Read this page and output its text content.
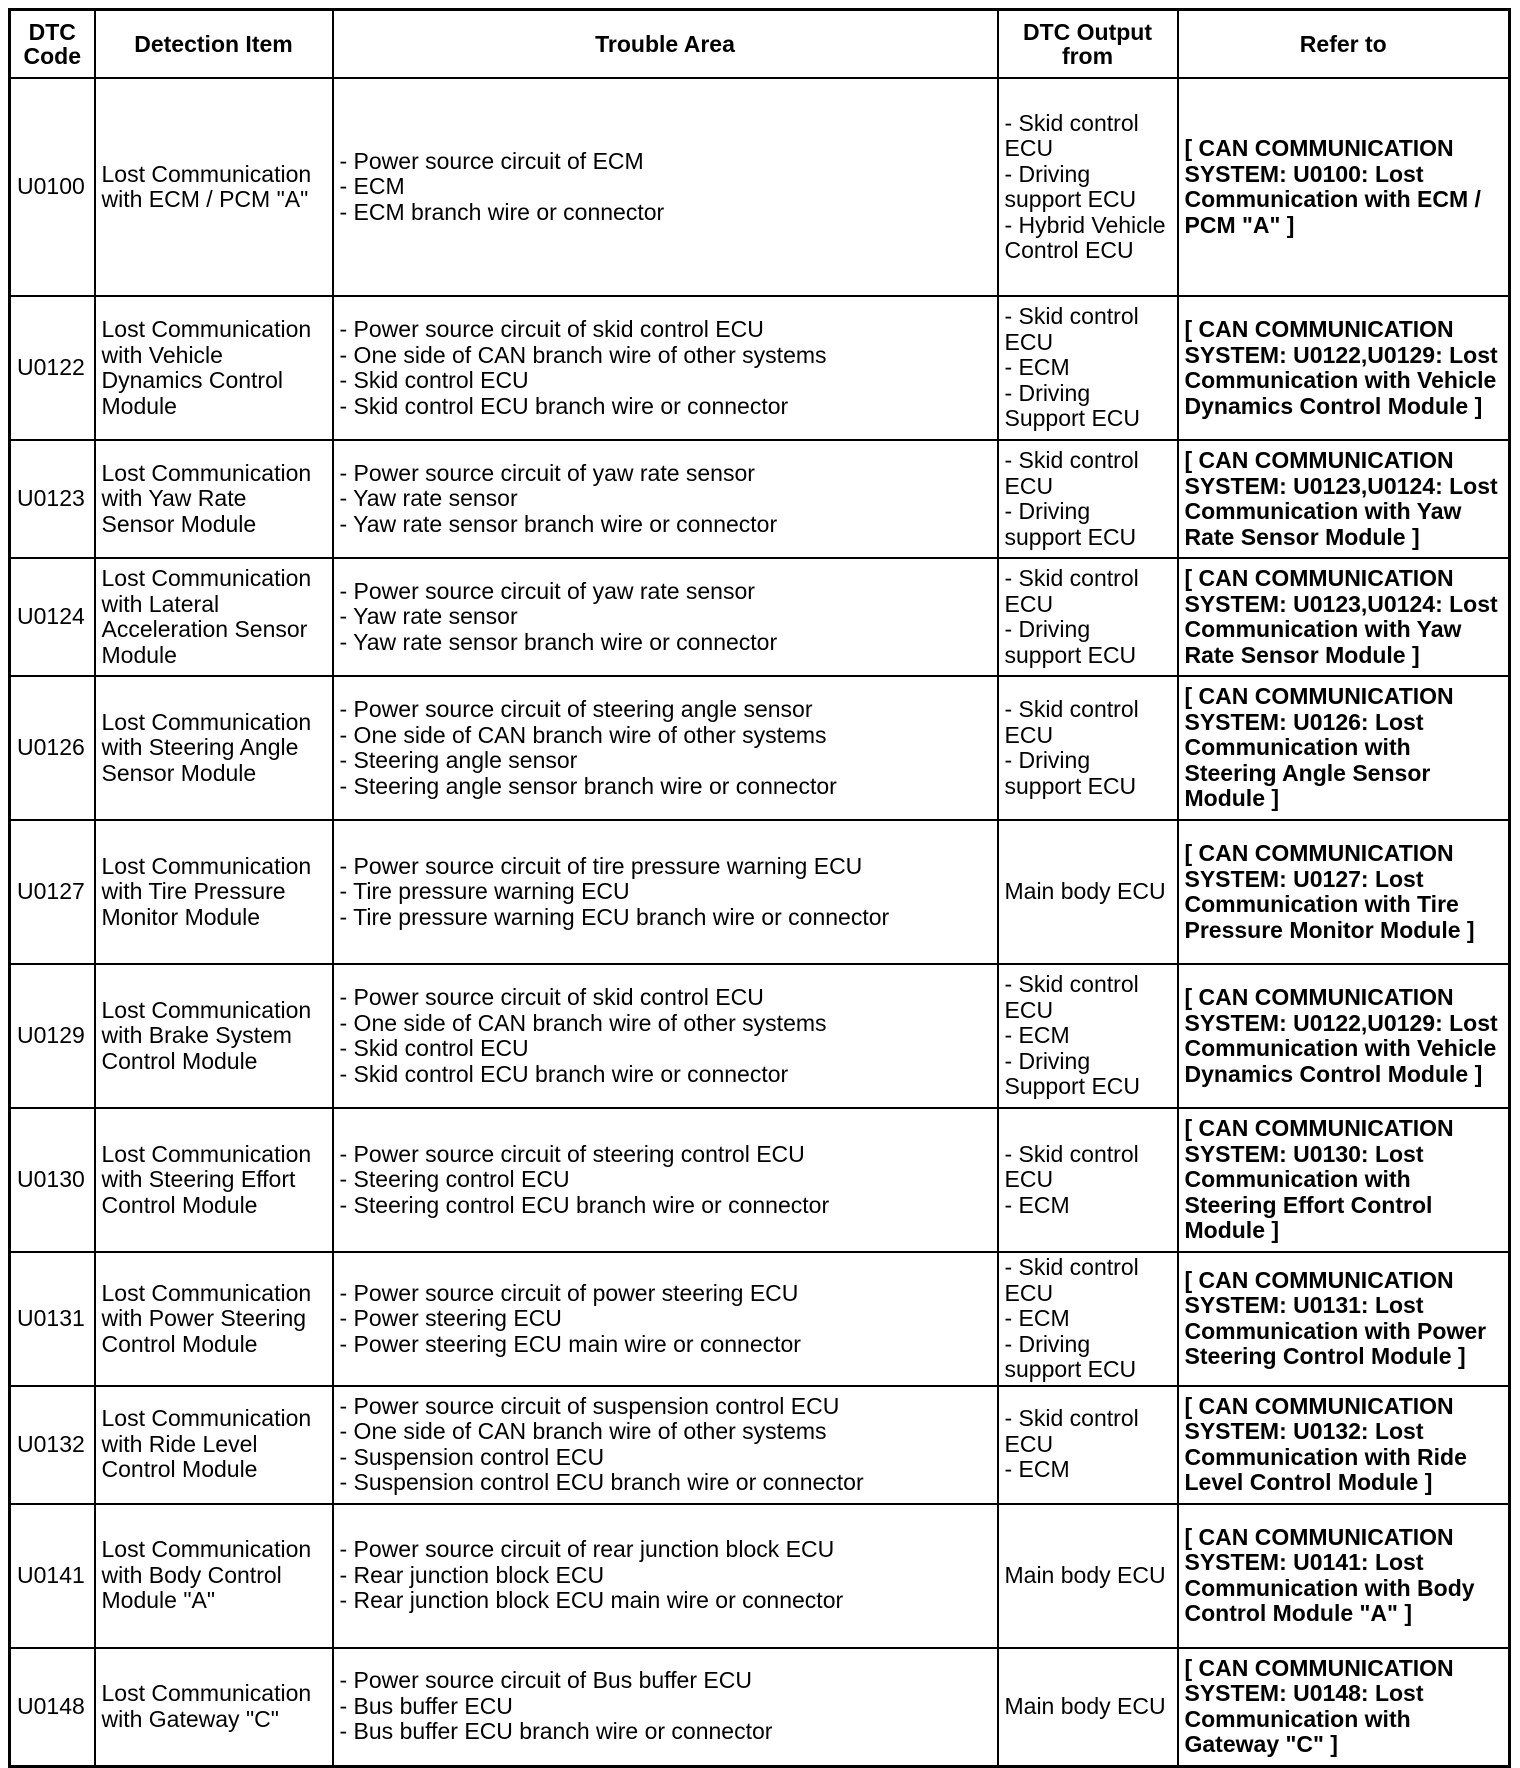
DTC Code	Detection Item	Trouble Area	DTC Output from	Refer to
U0100	Lost Communication with ECM / PCM "A"	- Power source circuit of ECM
- ECM
- ECM branch wire or connector	- Skid control ECU
- Driving support ECU
- Hybrid Vehicle Control ECU	[ CAN COMMUNICATION SYSTEM: U0100: Lost Communication with ECM / PCM "A" ]
U0122	Lost Communication with Vehicle Dynamics Control Module	- Power source circuit of skid control ECU
- One side of CAN branch wire of other systems
- Skid control ECU
- Skid control ECU branch wire or connector	- Skid control ECU
- ECM
- Driving Support ECU	[ CAN COMMUNICATION SYSTEM: U0122,U0129: Lost Communication with Vehicle Dynamics Control Module ]
U0123	Lost Communication with Yaw Rate Sensor Module	- Power source circuit of yaw rate sensor
- Yaw rate sensor
- Yaw rate sensor branch wire or connector	- Skid control ECU
- Driving support ECU	[ CAN COMMUNICATION SYSTEM: U0123,U0124: Lost Communication with Yaw Rate Sensor Module ]
U0124	Lost Communication with Lateral Acceleration Sensor Module	- Power source circuit of yaw rate sensor
- Yaw rate sensor
- Yaw rate sensor branch wire or connector	- Skid control ECU
- Driving support ECU	[ CAN COMMUNICATION SYSTEM: U0123,U0124: Lost Communication with Yaw Rate Sensor Module ]
U0126	Lost Communication with Steering Angle Sensor Module	- Power source circuit of steering angle sensor
- One side of CAN branch wire of other systems
- Steering angle sensor
- Steering angle sensor branch wire or connector	- Skid control ECU
- Driving support ECU	[ CAN COMMUNICATION SYSTEM: U0126: Lost Communication with Steering Angle Sensor Module ]
U0127	Lost Communication with Tire Pressure Monitor Module	- Power source circuit of tire pressure warning ECU
- Tire pressure warning ECU
- Tire pressure warning ECU branch wire or connector	Main body ECU	[ CAN COMMUNICATION SYSTEM: U0127: Lost Communication with Tire Pressure Monitor Module ]
U0129	Lost Communication with Brake System Control Module	- Power source circuit of skid control ECU
- One side of CAN branch wire of other systems
- Skid control ECU
- Skid control ECU branch wire or connector	- Skid control ECU
- ECM
- Driving Support ECU	[ CAN COMMUNICATION SYSTEM: U0122,U0129: Lost Communication with Vehicle Dynamics Control Module ]
U0130	Lost Communication with Steering Effort Control Module	- Power source circuit of steering control ECU
- Steering control ECU
- Steering control ECU branch wire or connector	- Skid control ECU
- ECM	[ CAN COMMUNICATION SYSTEM: U0130: Lost Communication with Steering Effort Control Module ]
U0131	Lost Communication with Power Steering Control Module	- Power source circuit of power steering ECU
- Power steering ECU
- Power steering ECU main wire or connector	- Skid control ECU
- ECM
- Driving support ECU	[ CAN COMMUNICATION SYSTEM: U0131: Lost Communication with Power Steering Control Module ]
U0132	Lost Communication with Ride Level Control Module	- Power source circuit of suspension control ECU
- One side of CAN branch wire of other systems
- Suspension control ECU
- Suspension control ECU branch wire or connector	- Skid control ECU
- ECM	[ CAN COMMUNICATION SYSTEM: U0132: Lost Communication with Ride Level Control Module ]
U0141	Lost Communication with Body Control Module "A"	- Power source circuit of rear junction block ECU
- Rear junction block ECU
- Rear junction block ECU main wire or connector	Main body ECU	[ CAN COMMUNICATION SYSTEM: U0141: Lost Communication with Body Control Module "A" ]
U0148	Lost Communication with Gateway "C"	- Power source circuit of Bus buffer ECU
- Bus buffer ECU
- Bus buffer ECU branch wire or connector	Main body ECU	[ CAN COMMUNICATION SYSTEM: U0148: Lost Communication with Gateway "C" ]
